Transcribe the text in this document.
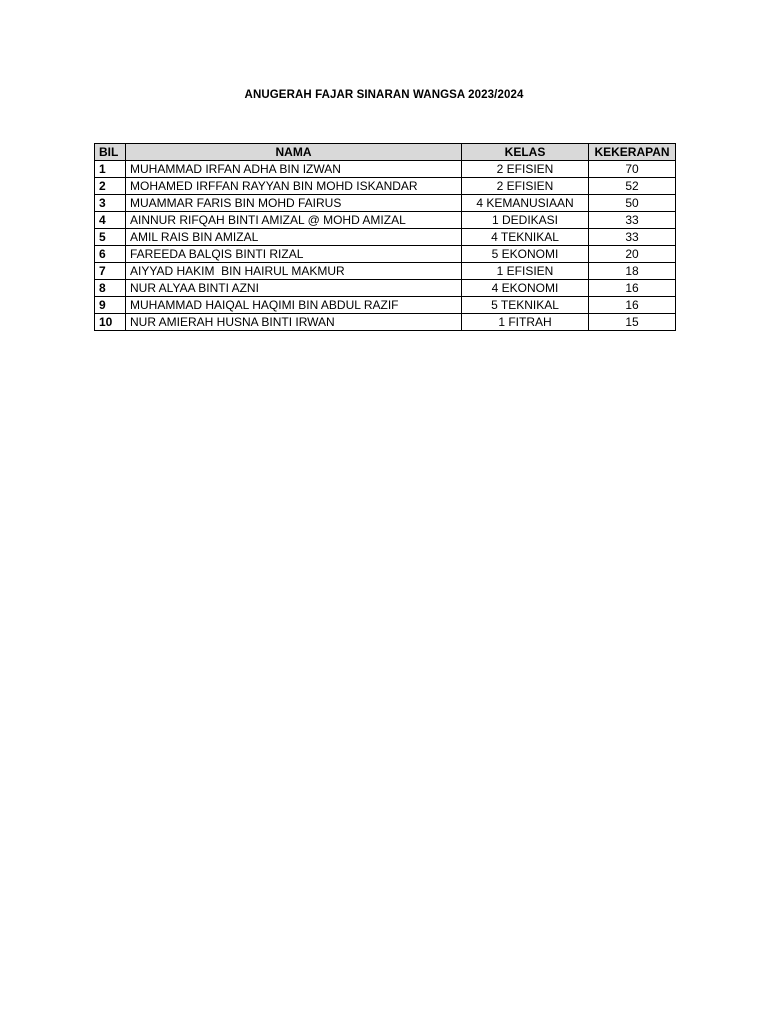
ANUGERAH FAJAR SINARAN WANGSA 2023/2024
BIL	NAMA	KELAS	KEKERAPAN
1	MUHAMMAD IRFAN ADHA BIN IZWAN	2 EFISIEN	70
2	MOHAMED IRFFAN RAYYAN BIN MOHD ISKANDAR	2 EFISIEN	52
3	MUAMMAR FARIS BIN MOHD FAIRUS	4 KEMANUSIAAN	50
4	AINNUR RIFQAH BINTI AMIZAL @ MOHD AMIZAL	1 DEDIKASI	33
5	AMIL RAIS BIN AMIZAL	4 TEKNIKAL	33
6	FAREEDA BALQIS BINTI RIZAL	5 EKONOMI	20
7	AIYYAD HAKIM  BIN HAIRUL MAKMUR	1 EFISIEN	18
8	NUR ALYAA BINTI AZNI	4 EKONOMI	16
9	MUHAMMAD HAIQAL HAQIMI BIN ABDUL RAZIF	5 TEKNIKAL	16
10	NUR AMIERAH HUSNA BINTI IRWAN	1 FITRAH	15
